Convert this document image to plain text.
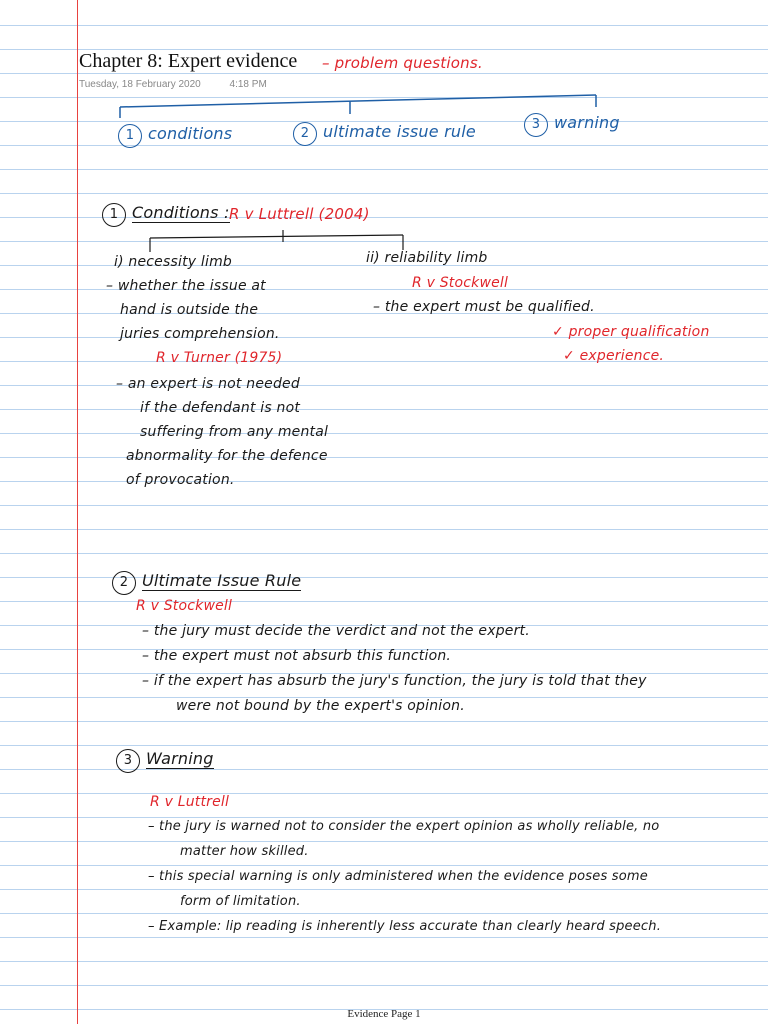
Chapter 8: Expert evidence
Tuesday, 18 February 2020	4:18 PM
– problem questions.
1 conditions	2 ultimate issue rule	3 warning
1 Conditions : R v Luttrell (2004)
i) necessity limb
– whether the issue at
hand is outside the
juries comprehension.
R v Turner (1975)
– an expert is not needed
if the defendant is not
suffering from any mental
abnormality for the defence
of provocation.
ii) reliability limb
R v Stockwell
– the expert must be qualified.
✓ proper qualification
✓ experience.
2 Ultimate Issue Rule
R v Stockwell
– the jury must decide the verdict and not the expert.
– the expert must not absurb this function.
– if the expert has absurb the jury's function, the jury is told that they
were not bound by the expert's opinion.
3 Warning
R v Luttrell
– the jury is warned not to consider the expert opinion as wholly reliable, no
matter how skilled.
– this special warning is only administered when the evidence poses some
form of limitation.
– Example: lip reading is inherently less accurate than clearly heard speech.
Evidence Page 1
